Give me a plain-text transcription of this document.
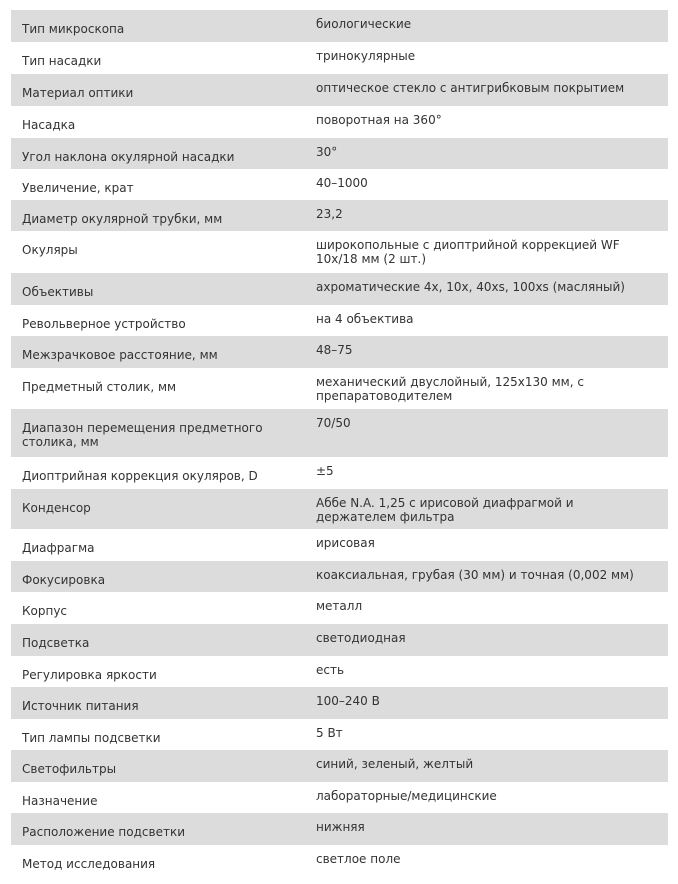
Тип микроскопа	биологические
Тип насадки	тринокулярные
Материал оптики	оптическое стекло с антигрибковым покрытием
Насадка	поворотная на 360°
Угол наклона окулярной насадки	30°
Увеличение, крат	40–1000
Диаметр окулярной трубки, мм	23,2
Окуляры	широкопольные с диоптрийной коррекцией WF 10х/18 мм (2 шт.)
Объективы	ахроматические 4х, 10х, 40хs, 100хs (масляный)
Револьверное устройство	на 4 объектива
Межзрачковое расстояние, мм	48–75
Предметный столик, мм	механический двуслойный, 125х130 мм, с препаратоводителем
Диапазон перемещения предметного столика, мм	70/50
Диоптрийная коррекция окуляров, D	±5
Конденсор	Аббе N.A. 1,25 с ирисовой диафрагмой и держателем фильтра
Диафрагма	ирисовая
Фокусировка	коаксиальная, грубая (30 мм) и точная (0,002 мм)
Корпус	металл
Подсветка	светодиодная
Регулировка яркости	есть
Источник питания	100–240 В
Тип лампы подсветки	5 Вт
Светофильтры	синий, зеленый, желтый
Назначение	лабораторные/медицинские
Расположение подсветки	нижняя
Метод исследования	светлое поле
